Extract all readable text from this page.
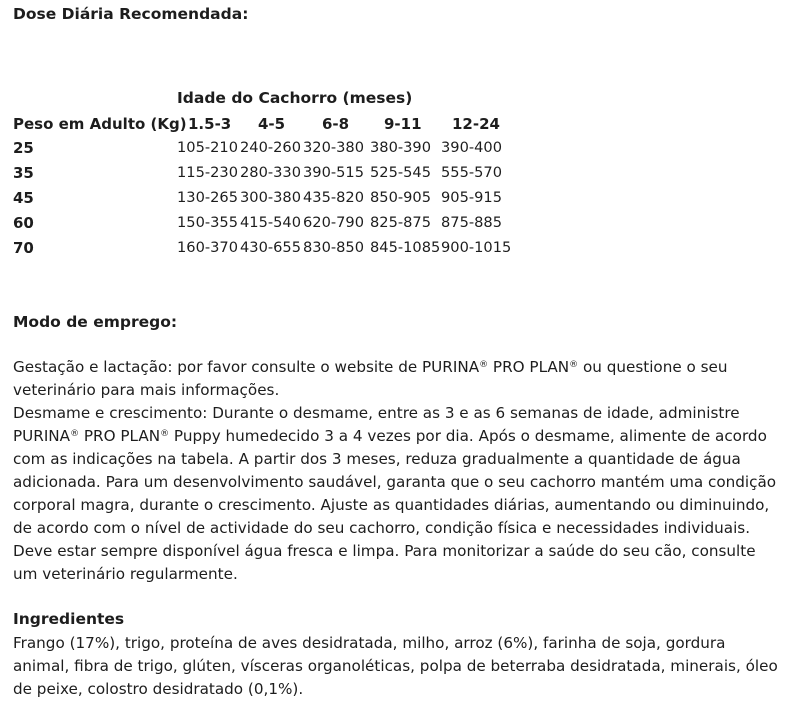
Dose Diária Recomendada:
Idade do Cachorro (meses)
Peso em Adulto (Kg) 1.5-3 4-5 6-8 9-11 12-24
25	105-210 240-260 320-380 380-390 390-400
35	115-230 280-330 390-515 525-545 555-570
45	130-265 300-380 435-820 850-905 905-915
60	150-355 415-540 620-790 825-875 875-885
70	160-370 430-655 830-850 845-1085 900-1015
Modo de emprego:
Gestação e lactação: por favor consulte o website de PURINA® PRO PLAN® ou questione o seu veterinário para mais informações.
Desmame e crescimento: Durante o desmame, entre as 3 e as 6 semanas de idade, administre PURINA® PRO PLAN® Puppy humedecido 3 a 4 vezes por dia. Após o desmame, alimente de acordo com as indicações na tabela. A partir dos 3 meses, reduza gradualmente a quantidade de água adicionada. Para um desenvolvimento saudável, garanta que o seu cachorro mantém uma condição corporal magra, durante o crescimento. Ajuste as quantidades diárias, aumentando ou diminuindo, de acordo com o nível de actividade do seu cachorro, condição física e necessidades individuais. Deve estar sempre disponível água fresca e limpa. Para monitorizar a saúde do seu cão, consulte um veterinário regularmente.
Ingredientes
Frango (17%), trigo, proteína de aves desidratada, milho, arroz (6%), farinha de soja, gordura animal, fibra de trigo, glúten, vísceras organoléticas, polpa de beterraba desidratada, minerais, óleo de peixe, colostro desidratado (0,1%).
